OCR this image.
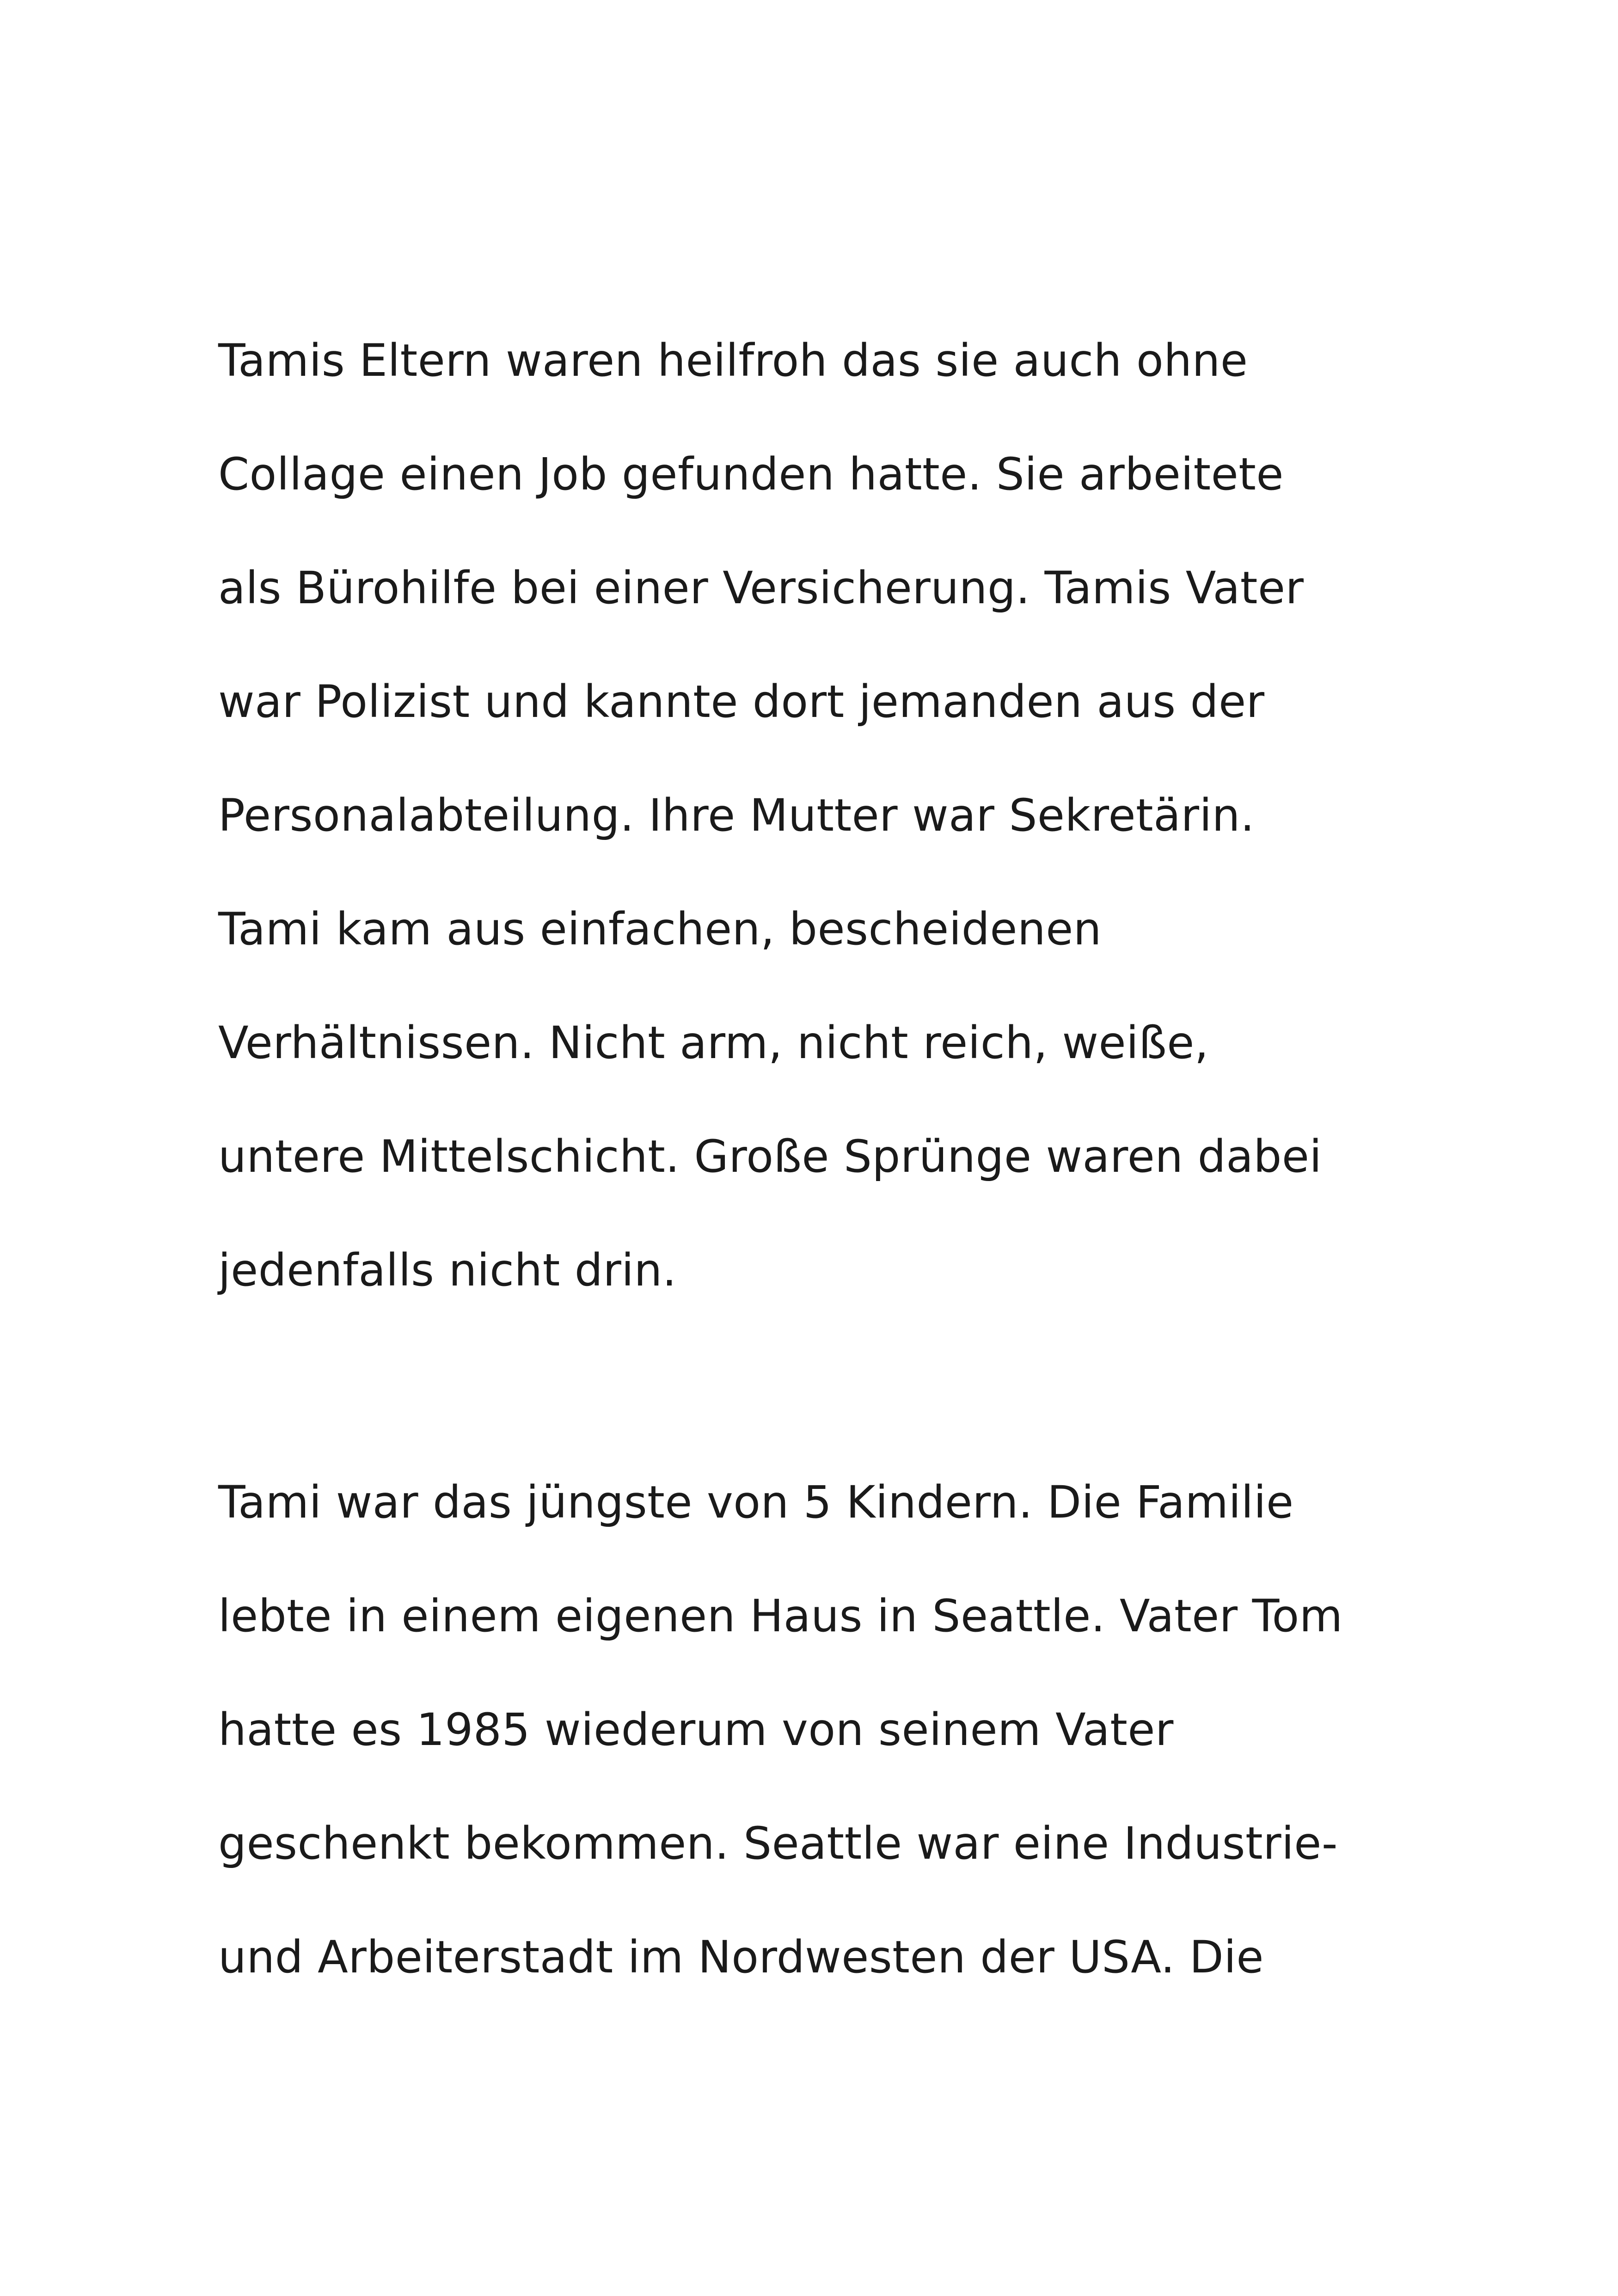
Tamis Eltern waren heilfroh das sie auch ohne
Collage einen Job gefunden hatte. Sie arbeitete
als Bürohilfe bei einer Versicherung. Tamis Vater
war Polizist und kannte dort jemanden aus der
Personalabteilung. Ihre Mutter war Sekretärin.
Tami kam aus einfachen, bescheidenen
Verhältnissen. Nicht arm, nicht reich, weiße,
untere Mittelschicht. Große Sprünge waren dabei
jedenfalls nicht drin.
Tami war das jüngste von 5 Kindern. Die Familie
lebte in einem eigenen Haus in Seattle. Vater Tom
hatte es 1985 wiederum von seinem Vater
geschenkt bekommen. Seattle war eine Industrie-
und Arbeiterstadt im Nordwesten der USA. Die
